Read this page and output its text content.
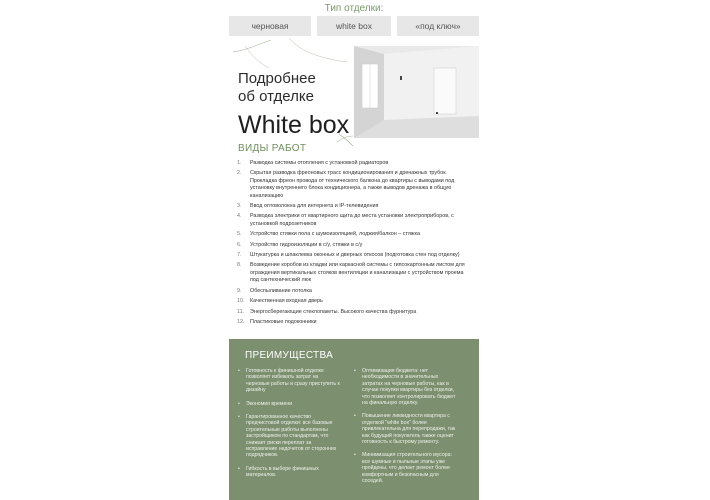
Тип отделки:
черновая	white box	«под ключ»
Подробнее
об отделке
White box
ВИДЫ РАБОТ
1. Разводка системы отопления с установкой радиаторов
2. Скрытая разводка фреоновых трасс кондиционирования и дренажных трубок. Прокладка фреон провода от технического балкона до квартиры с выводами под установку внутреннего блока кондиционера, а также выводов дренажа в общую канализацию
3. Ввод оптоволокна для интернета и IP-телевидения
4. Разводка электрики от квартирного щита до места установки электроприборов, с установкой подрозетников
5. Устройство стяжки пола с шумоизоляцией, лоджия/балкон – стяжка
6. Устройство гидроизоляции в с/у, стяжки в с/у
7. Штукатурка и шпаклевка оконных и дверных откосов (подготовка стен под отделку)
8. Возведение коробов из кладки или каркасной системы с гипсокартонным листом для ограждения вертикальных стояков вентиляции и канализации с устройством проема под сантехнический люк
9. Обеспыливание потолка
10. Качественная входная дверь
11. Энергосберегающие стеклопакеты. Высокого качества фурнитура
12. Пластиковые подоконники
ПРЕИМУЩЕСТВА
• Готовность к финишной отделке позволяет избежать затрат на черновые работы и сразу приступить к дизайну
• Экономия времени
• Гарантированное качество предчистовой отделки: все базовые строительные работы выполнены застройщиком по стандартам, что снижает риски переплат за исправление недочетов от сторонних подрядчиков.
• Гибкость в выборе финишных материалов.
• Оптимизация бюджета: нет необходимости в значительных затратах на черновые работы, как в случае покупки квартиры без отделки, что позволяет контролировать бюджет на финальную отделку.
• Повышение ликвидности квартира с отделкой "white box" более привлекательна для перепродажи, так как будущий покупатель также оценит готовность к быстрому ремонту.
• Минимизация строительного мусора: все шумные и пыльные этапы уже пройдены, что делает ремонт более комфортным и безопасным для соседей.
